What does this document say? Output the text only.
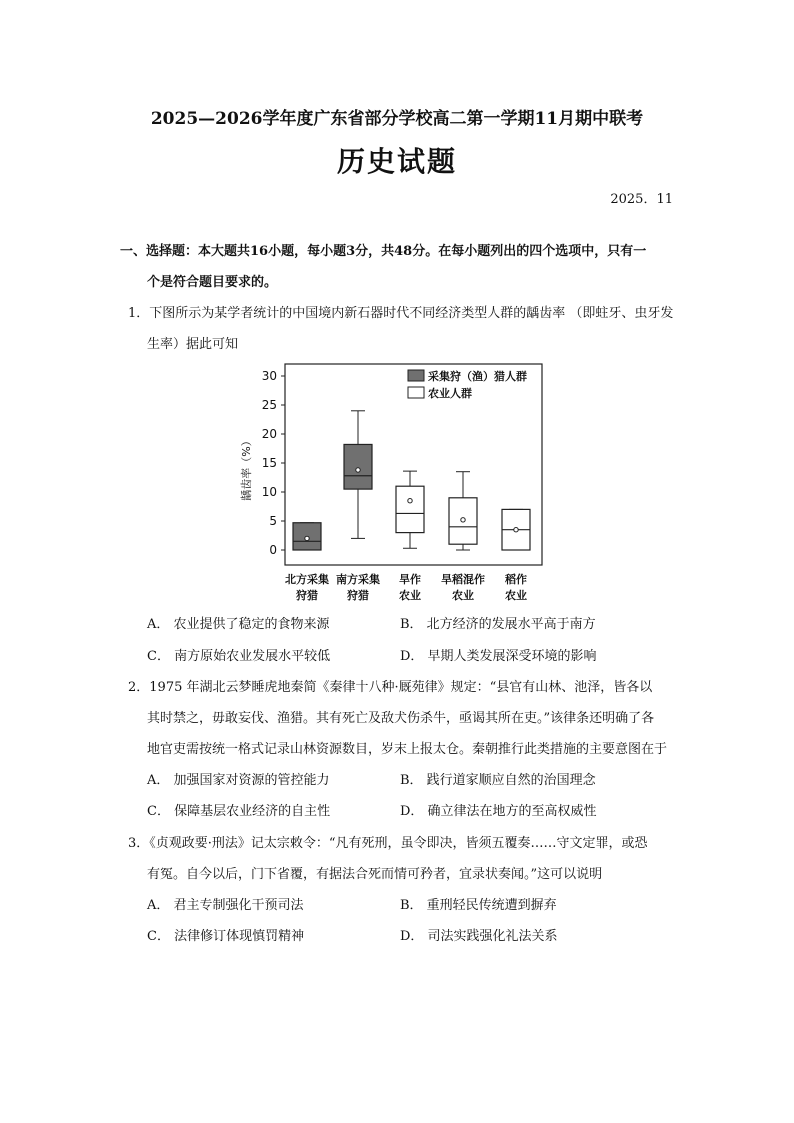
2025—2026学年度广东省部分学校高二第一学期11月期中联考
历史试题
2025．11
一、选择题：本大题共16小题，每小题3分，共48分。在每小题列出的四个选项中，只有一
个是符合题目要求的。
1．下图所示为某学者统计的中国境内新石器时代不同经济类型人群的龋齿率 （即蛀牙、虫牙发
生率）据此可知
龋齿率（%）
0
5
10
15
20
25
30
北方采集
狩猎
南方采集
狩猎
旱作
农业
旱稻混作
农业
稻作
农业
采集狩（渔）猎人群
农业人群
A． 农业提供了稳定的食物来源	B． 北方经济的发展水平高于南方
C． 南方原始农业发展水平较低	D． 早期人类发展深受环境的影响
2．1975 年湖北云梦睡虎地秦简《秦律十八种·厩苑律》规定：“县官有山林、池泽，皆各以
其时禁之，毋敢妄伐、渔猎。其有死亡及敌犬伤杀牛，亟谒其所在吏。”该律条还明确了各
地官吏需按统一格式记录山林资源数目，岁末上报太仓。秦朝推行此类措施的主要意图在于
A． 加强国家对资源的管控能力	B． 践行道家顺应自然的治国理念
C． 保障基层农业经济的自主性	D． 确立律法在地方的至高权威性
3．《贞观政要·刑法》记太宗敕令：“凡有死刑，虽令即决，皆须五覆奏……守文定罪，或恐
有冤。自今以后，门下省覆，有据法合死而情可矜者，宜录状奏闻。”这可以说明
A． 君主专制强化干预司法	B． 重刑轻民传统遭到摒弃
C． 法律修订体现慎罚精神	D． 司法实践强化礼法关系
